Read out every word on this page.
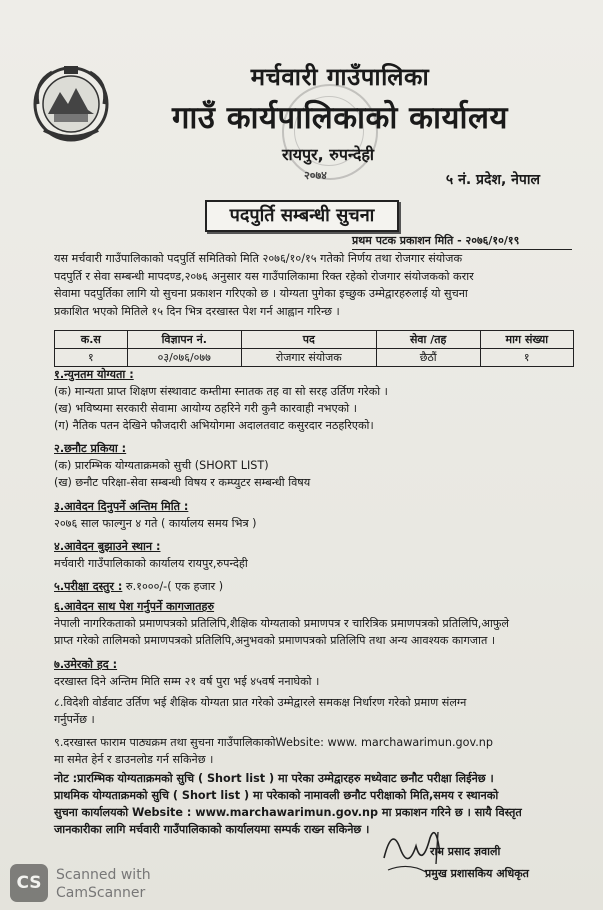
मर्चवारी गाउँपालिका
गाउँ कार्यपालिकाको कार्यालय
रायपुर, रुपन्देही
२०७४	५ नं. प्रदेश, नेपाल
पदपुर्ति सम्बन्धी सुचना
प्रथम पटक प्रकाशन मिति - २०७६/१०/१९
यस मर्चवारी गाउँपालिकाको पदपुर्ति समितिको मिति २०७६/१०/१५ गतेको निर्णय तथा रोजगार संयोजक
पदपुर्ति र सेवा सम्बन्धी मापदण्ड,२०७६ अनुसार यस गाउँपालिकामा रिक्त रहेको रोजगार संयोजकको करार
सेवामा पदपुर्तिका लागि यो सुचना प्रकाशन गरिएको छ । योग्यता पुगेका इच्छुक उम्मेद्वारहरुलाई यो सुचना
प्रकाशित भएको मितिले १५ दिन भित्र दरखास्त पेश गर्न आह्वान गरिन्छ ।
क.स	विज्ञापन नं.	पद	सेवा /तह	माग संख्या
१	०३/०७६/०७७	रोजगार संयोजक	छैठौं	१
१.न्युनतम योग्यता :
(क) मान्यता प्राप्त शिक्षण संस्थावाट कम्तीमा स्नातक तह वा सो सरह उर्तिण गरेको ।
(ख) भविष्यमा सरकारी सेवामा आयोग्य ठहरिने गरी कुनै कारवाही नभएको ।
(ग) नैतिक पतन देखिने फौजदारी अभियोगमा अदालतवाट कसुरदार नठहरिएको।
२.छनौट प्रकिया :
(क) प्रारम्भिक योग्यताक्रमको सुची (SHORT LIST)
(ख) छनौट परिक्षा-सेवा सम्बन्धी विषय र कम्प्युटर सम्बन्धी विषय
३.आवेदन दिनुपर्ने अन्तिम मिति :
२०७६ साल फाल्गुन ४ गते ( कार्यालय समय भित्र )
४.आवेदन बुझाउने स्थान :
मर्चवारी गाउँपालिकाको कार्यालय रायपुर,रुपन्देही
५.परीक्षा दस्तुर : रु.१०००/-( एक हजार )
६.आवेदन साथ पेश गर्नुपर्ने कागजातहरु
नेपाली नागरिकताको प्रमाणपत्रको प्रतिलिपि,शैक्षिक योग्यताको प्रमाणपत्र र चारित्रिक प्रमाणपत्रको प्रतिलिपि,आफुले
प्राप्त गरेको तालिमको प्रमाणपत्रको प्रतिलिपि,अनुभवको प्रमाणपत्रको प्रतिलिपि तथा अन्य आवश्यक कागजात ।
७.उमेरको हद :
दरखास्त दिने अन्तिम मिति सम्म २१ वर्ष पुरा भई ४५वर्ष ननाघेको ।
८.विदेशी वोर्डवाट उर्तिण भई शैक्षिक योग्यता प्रात गरेको उम्मेद्वारले समकक्ष निर्धारण गरेको प्रमाण संलग्न
गर्नुपर्नेछ ।
९.दरखास्त फाराम पाठ्यक्रम तथा सुचना गाउँपालिकाकोWebsite: www. marchawarimun.gov.np
मा समेत हेर्न र डाउनलोड गर्न सकिनेछ ।
नोट :प्रारम्भिक योग्यताक्रमको सुचि ( Short list ) मा परेका उम्मेद्वारहरु मध्येवाट छनौट परीक्षा लिईनेछ ।
प्राथमिक योग्यताक्रमको सुचि ( Short list ) मा परेकाको नामावली छनौट परीक्षाको मिति,समय र स्थानको
सुचना कार्यालयको Website : www.marchawarimun.gov.np मा प्रकाशन गरिने छ । सायै विस्तृत
जानकारीका लागि मर्चवारी गाउँपालिकाको कार्यालयमा सम्पर्क राख्न सकिनेछ ।
राम प्रसाद ज्ञवाली
प्रमुख प्रशासकिय अधिकृत
CS	Scanned with
CamScanner
